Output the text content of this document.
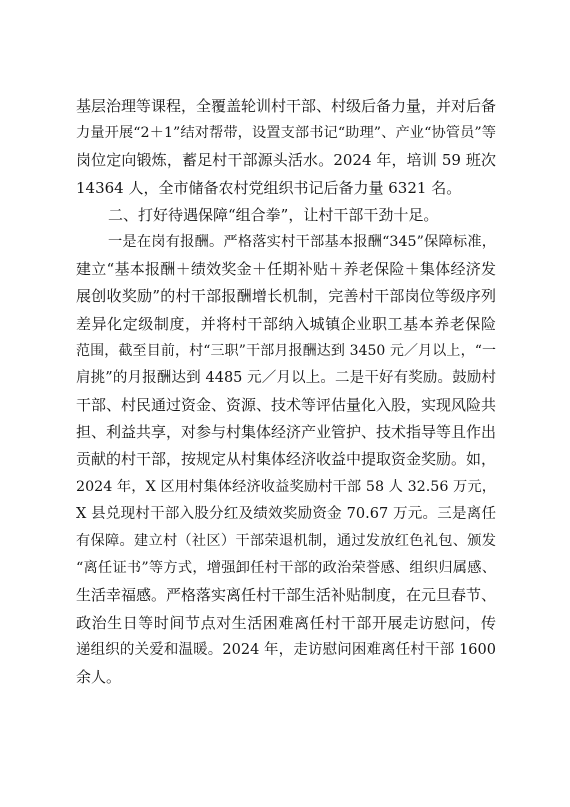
基层治理等课程，全覆盖轮训村干部、村级后备力量，并对后备
力量开展“2＋1”结对帮带，设置支部书记“助理”、产业“协管员”等
岗位定向锻炼，蓄足村干部源头活水。2024 年，培训 59 班次
14364 人，全市储备农村党组织书记后备力量 6321 名。
二、打好待遇保障“组合拳”，让村干部干劲十足。
一是在岗有报酬。严格落实村干部基本报酬“345”保障标准，
建立“基本报酬＋绩效奖金＋任期补贴＋养老保险＋集体经济发
展创收奖励”的村干部报酬增长机制，完善村干部岗位等级序列
差异化定级制度，并将村干部纳入城镇企业职工基本养老保险
范围，截至目前，村“三职”干部月报酬达到 3450 元／月以上，“一
肩挑”的月报酬达到 4485 元／月以上。二是干好有奖励。鼓励村
干部、村民通过资金、资源、技术等评估量化入股，实现风险共
担、利益共享，对参与村集体经济产业管护、技术指导等且作出
贡献的村干部，按规定从村集体经济收益中提取资金奖励。如，
2024 年，X 区用村集体经济收益奖励村干部 58 人 32.56 万元，
X 县兑现村干部入股分红及绩效奖励资金 70.67 万元。三是离任
有保障。建立村（社区）干部荣退机制，通过发放红色礼包、颁发
“离任证书”等方式，增强卸任村干部的政治荣誉感、组织归属感、
生活幸福感。严格落实离任村干部生活补贴制度，在元旦春节、
政治生日等时间节点对生活困难离任村干部开展走访慰问，传
递组织的关爱和温暖。2024 年，走访慰问困难离任村干部 1600
余人。
